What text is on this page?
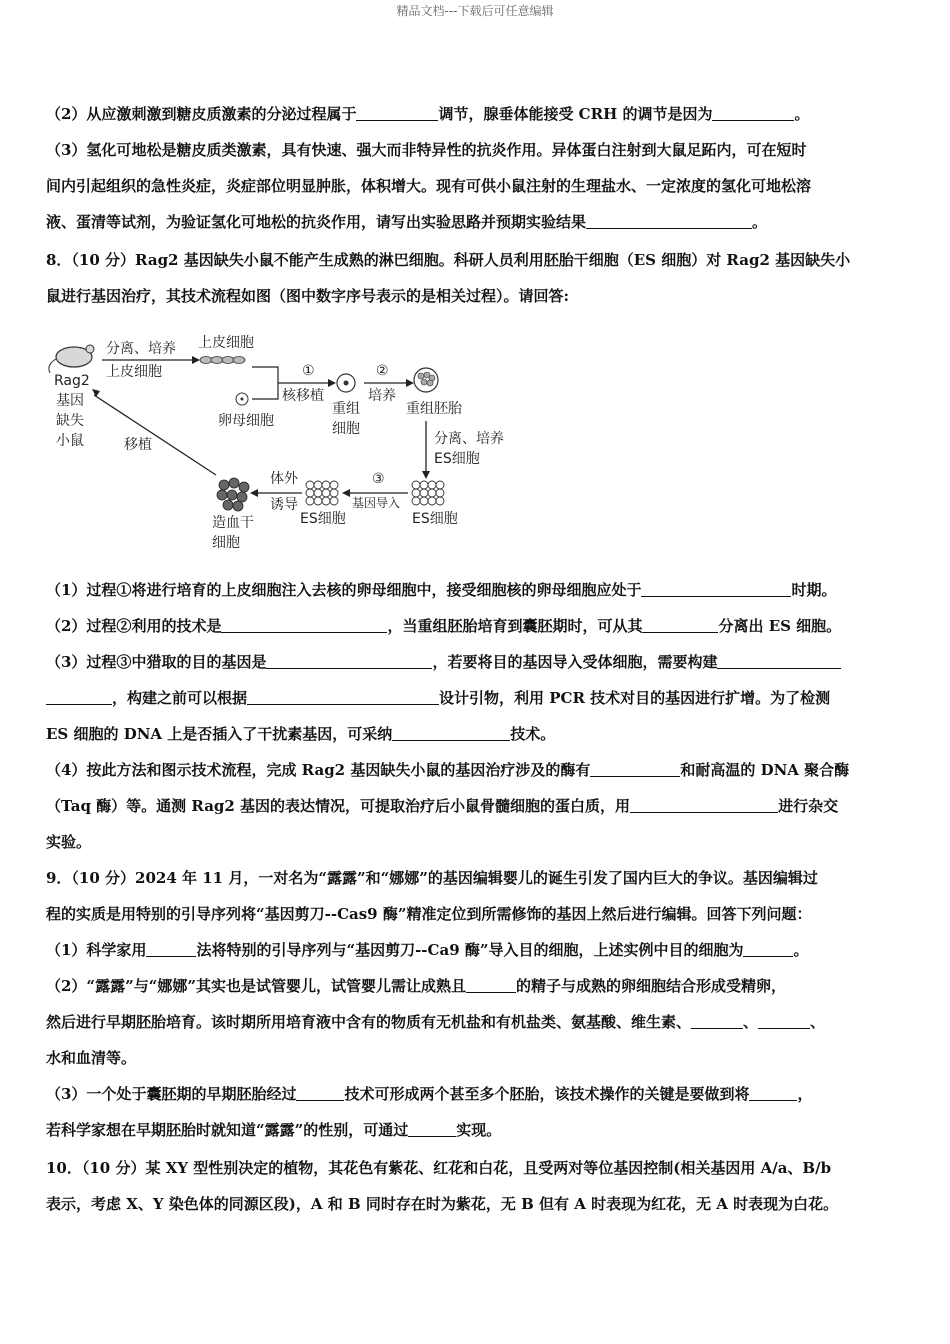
精品文档---下载后可任意编辑
（2）从应激刺激到糖皮质激素的分泌过程属于	调节，腺垂体能接受 CRH 的调节是因为	。
（3）氢化可地松是糖皮质类激素，具有快速、强大而非特异性的抗炎作用。异体蛋白注射到大鼠足跖内，可在短时
间内引起组织的急性炎症，炎症部位明显肿胀，体积增大。现有可供小鼠注射的生理盐水、一定浓度的氢化可地松溶
液、蛋清等试剂，为验证氢化可地松的抗炎作用，请写出实验思路并预期实验结果	。
8．（10 分）Rag2 基因缺失小鼠不能产生成熟的淋巴细胞。科研人员利用胚胎干细胞（ES 细胞）对 Rag2 基因缺失小
鼠进行基因治疗，其技术流程如图（图中数字序号表示的是相关过程）。请回答:
Rag2
基因
缺失
小鼠
分离、培养
上皮细胞
上皮细胞
卵母细胞
①
核移植
重组
细胞
②
培养
重组胚胎
分离、培养
ES细胞
ES细胞
③
基因导入
ES细胞
体外
诱导
造血干
细胞
移植
（1）过程①将进行培育的上皮细胞注入去核的卵母细胞中，接受细胞核的卵母细胞应处于	时期。
（2）过程②利用的技术是	，当重组胚胎培育到囊胚期时，可从其	分离出 ES 细胞。
（3）过程③中猎取的目的基因是	，若要将目的基因导入受体细胞，需要构建
，构建之前可以根据	设计引物，利用 PCR 技术对目的基因进行扩增。为了检测
ES 细胞的 DNA 上是否插入了干扰素基因，可采纳	技术。
（4）按此方法和图示技术流程，完成 Rag2 基因缺失小鼠的基因治疗涉及的酶有	和耐高温的 DNA 聚合酶
（Taq 酶）等。通测 Rag2 基因的表达情况，可提取治疗后小鼠骨髓细胞的蛋白质，用	进行杂交
实验。
9．（10 分）2024 年 11 月，一对名为“露露”和“娜娜”的基因编辑婴儿的诞生引发了国内巨大的争议。基因编辑过
程的实质是用特别的引导序列将“基因剪刀--Cas9 酶”精准定位到所需修饰的基因上然后进行编辑。回答下列问题：
（1）科学家用	法将特别的引导序列与“基因剪刀--Ca9 酶”导入目的细胞，上述实例中目的细胞为	。
（2）“露露”与“娜娜”其实也是试管婴儿，试管婴儿需让成熟且	的精子与成熟的卵细胞结合形成受精卵，
然后进行早期胚胎培育。该时期所用培育液中含有的物质有无机盐和有机盐类、氨基酸、维生素、	、	、
水和血清等。
（3）一个处于囊胚期的早期胚胎经过	技术可形成两个甚至多个胚胎，该技术操作的关键是要做到将	，
若科学家想在早期胚胎时就知道“露露”的性别，可通过	实现。
10．（10 分）某 XY 型性别决定的植物，其花色有紫花、红花和白花，且受两对等位基因控制(相关基因用 A/a、B/b
表示，考虑 X、Y 染色体的同源区段)，A 和 B 同时存在时为紫花，无 B 但有 A 时表现为红花，无 A 时表现为白花。
